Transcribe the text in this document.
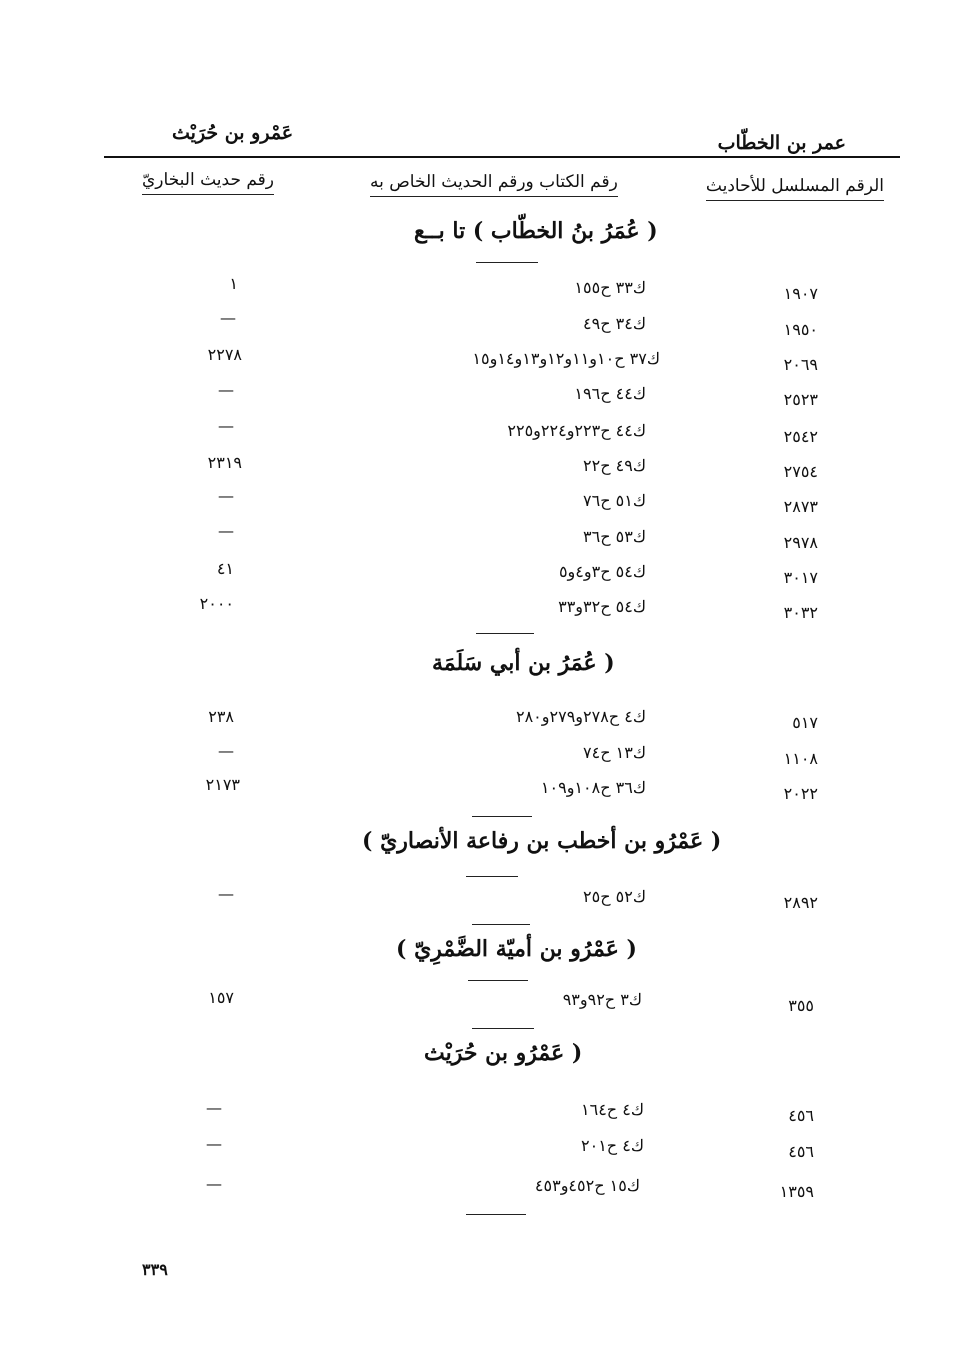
عمر بن الخطّاب
عَمْرو بن حُرَيْث
الرقم المسلسل للأحاديث
رقم الكتاب ورقم الحديث الخاص به
رقم حديث البخاريّ
( عُمَرُ بنُ الخطّاب ) تا بــع
١٩٠٧
ك٣٣ ح١٥٥
١
١٩٥٠
ك٣٤ ح٤٩
—
٢٠٦٩
ك٣٧ ح١٠و١١و١٢و١٣و١٤و١٥
٢٢٧٨
٢٥٢٣
ك٤٤ ح١٩٦
—
٢٥٤٢
ك٤٤ ح٢٢٣و٢٢٤و٢٢٥
—
٢٧٥٤
ك٤٩ ح٢٢
٢٣١٩
٢٨٧٣
ك٥١ ح٧٦
—
٢٩٧٨
ك٥٣ ح٣٦
—
٣٠١٧
ك٥٤ ح٣و٤و٥
٤١
٣٠٣٢
ك٥٤ ح٣٢و٣٣
٢٠٠٠
( عُمَرُ بن أبي سَلَمَة
٥١٧
ك٤ ح٢٧٨و٢٧٩و٢٨٠
٢٣٨
١١٠٨
ك١٣ ح٧٤
—
٢٠٢٢
ك٣٦ ح١٠٨و١٠٩
٢١٧٣
( عَمْرُو بن أخطب بن رفاعة الأنصاريّ )
٢٨٩٢
ك٥٢ ح٢٥
—
( عَمْرُو بن أميّة الضَّمْرِيّ )
٣٥٥
ك٣ ح٩٢و٩٣
١٥٧
( عَمْرُو بن حُرَيْث
٤٥٦
ك٤ ح١٦٤
—
٤٥٦
ك٤ ح٢٠١
—
١٣٥٩
ك١٥ ح٤٥٢و٤٥٣
—
٣٣٩
